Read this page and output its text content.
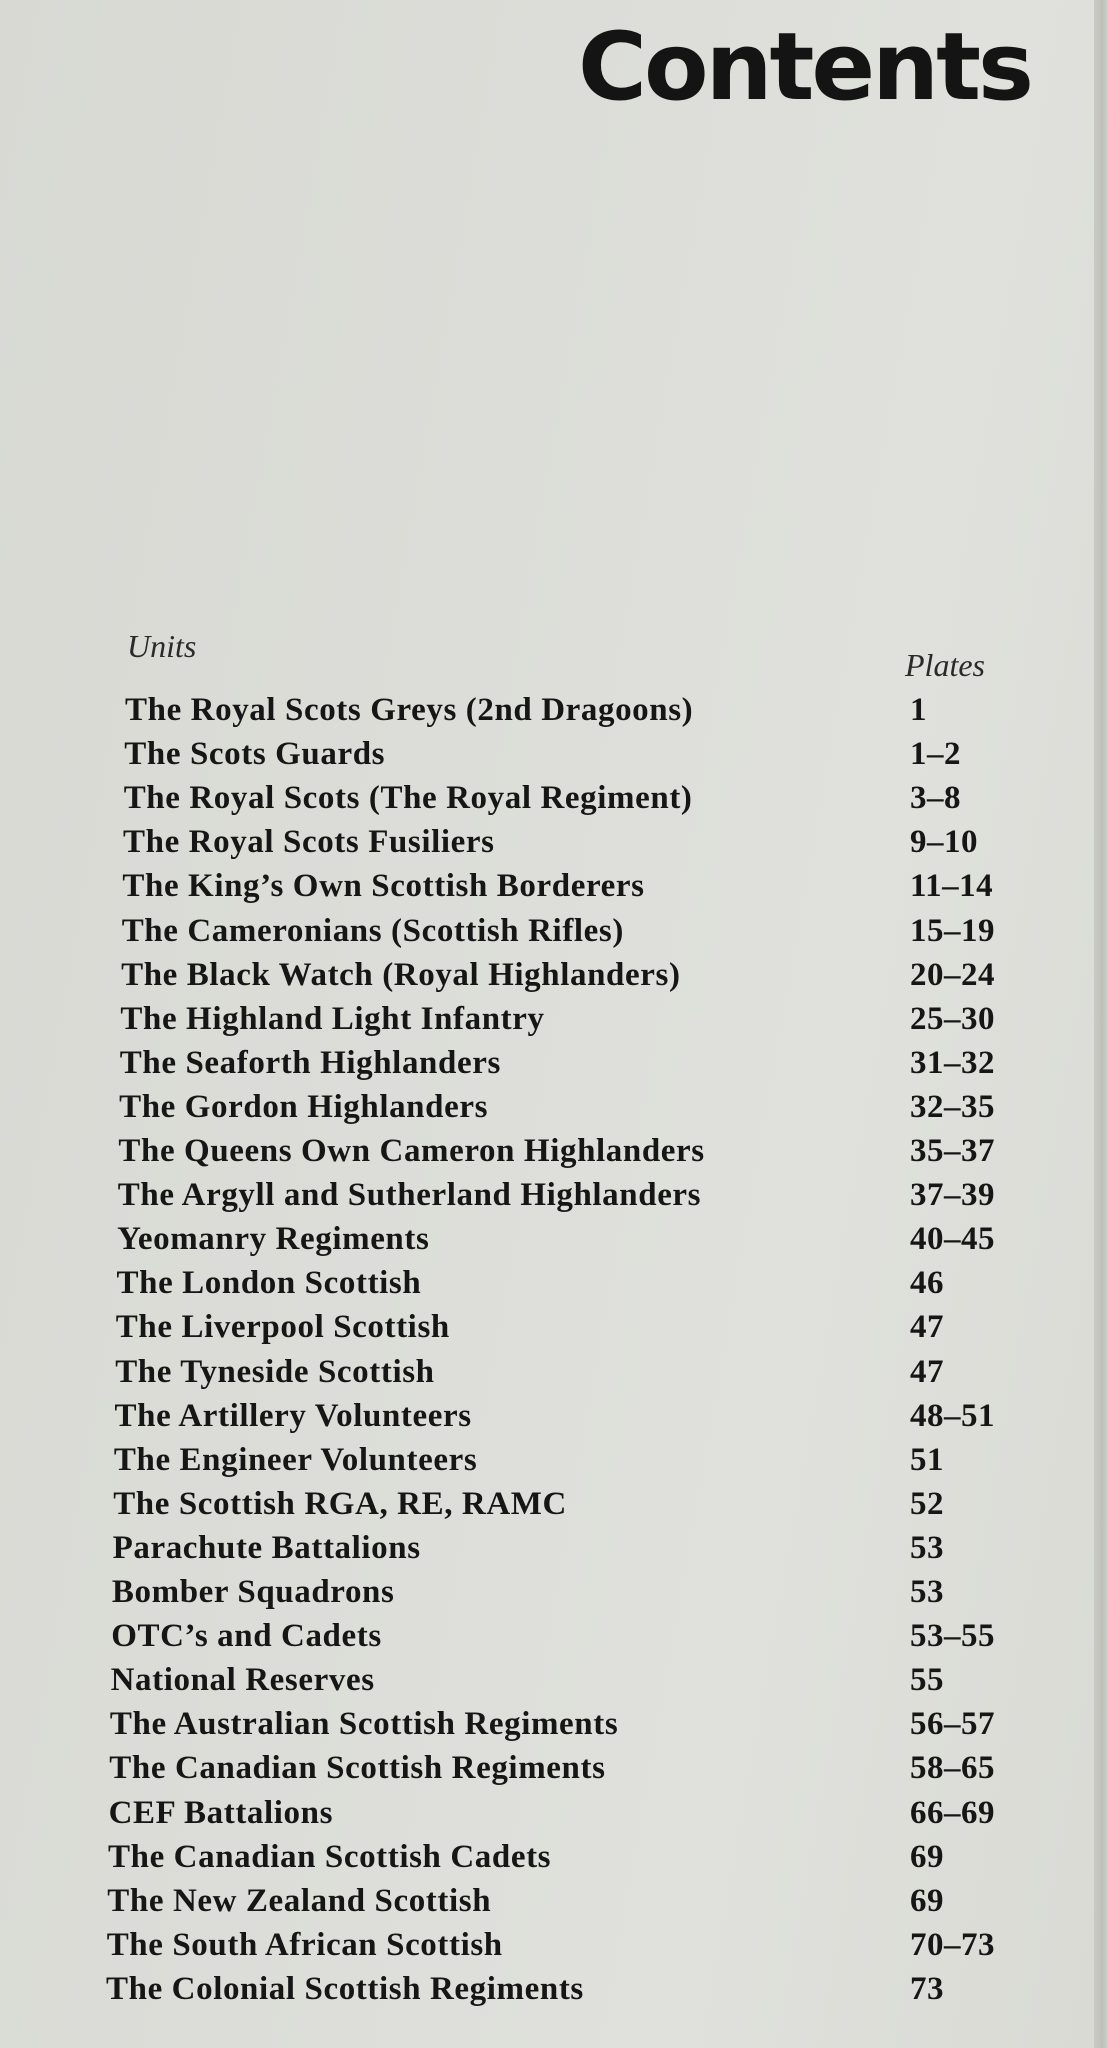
Contents
Units
Plates
The Royal Scots Greys (2nd Dragoons)	1
The Scots Guards	1–2
The Royal Scots (The Royal Regiment)	3–8
The Royal Scots Fusiliers	9–10
The King’s Own Scottish Borderers	11–14
The Cameronians (Scottish Rifles)	15–19
The Black Watch (Royal Highlanders)	20–24
The Highland Light Infantry	25–30
The Seaforth Highlanders	31–32
The Gordon Highlanders	32–35
The Queens Own Cameron Highlanders	35–37
The Argyll and Sutherland Highlanders	37–39
Yeomanry Regiments	40–45
The London Scottish	46
The Liverpool Scottish	47
The Tyneside Scottish	47
The Artillery Volunteers	48–51
The Engineer Volunteers	51
The Scottish RGA, RE, RAMC	52
Parachute Battalions	53
Bomber Squadrons	53
OTC’s and Cadets	53–55
National Reserves	55
The Australian Scottish Regiments	56–57
The Canadian Scottish Regiments	58–65
CEF Battalions	66–69
The Canadian Scottish Cadets	69
The New Zealand Scottish	69
The South African Scottish	70–73
The Colonial Scottish Regiments	73
